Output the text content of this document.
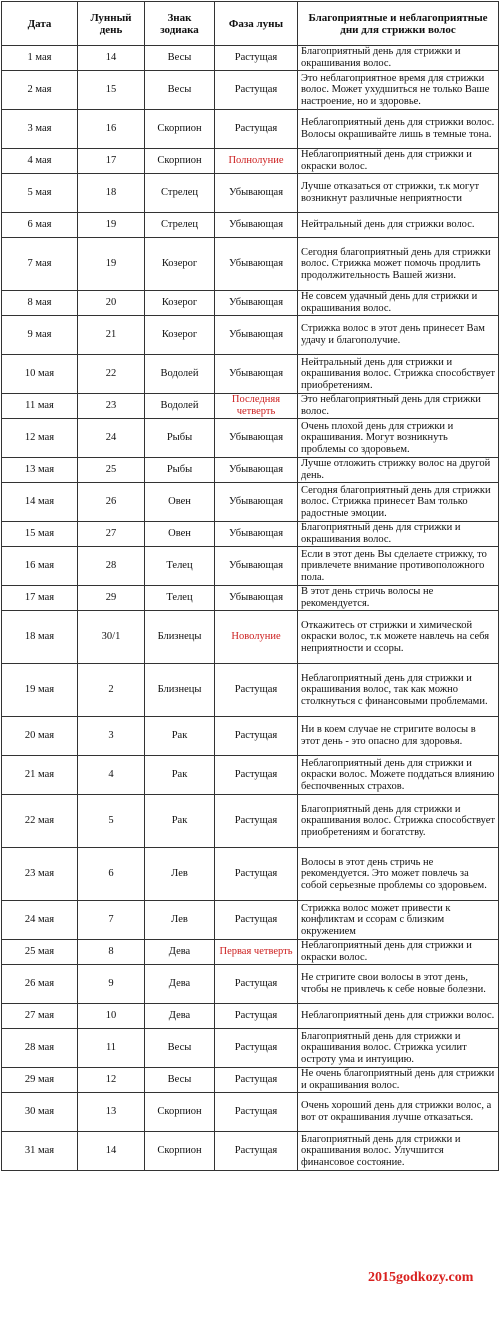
Дата	Лунный день	Знак зодиака	Фаза луны	Благоприятные и неблагоприятные дни для стрижки волос
1 мая	14	Весы	Растущая	Благоприятный день для стрижки и окрашивания волос.
2 мая	15	Весы	Растущая	Это неблагоприятное время для стрижки волос. Может ухудшиться не только Ваше настроение, но и здоровье.
3 мая	16	Скорпион	Растущая	Неблагоприятный день для стрижки волос. Волосы окрашивайте лишь в темные тона.
4 мая	17	Скорпион	Полнолуние	Неблагоприятный день для стрижки и окраски волос.
5 мая	18	Стрелец	Убывающая	Лучше отказаться от стрижки, т.к могут возникнут различные неприятности
6 мая	19	Стрелец	Убывающая	Нейтральный день для стрижки волос.
7 мая	19	Козерог	Убывающая	Сегодня благоприятный день для стрижки волос. Стрижка может помочь продлить продолжительность Вашей жизни.
8 мая	20	Козерог	Убывающая	Не совсем удачный день для стрижки и окрашивания волос.
9 мая	21	Козерог	Убывающая	Стрижка волос в этот день принесет Вам удачу и благополучие.
10 мая	22	Водолей	Убывающая	Нейтральный день для стрижки и окрашивания волос. Стрижка способствует приобретениям.
11 мая	23	Водолей	Последняя четверть	Это неблагоприятный день для стрижки волос.
12 мая	24	Рыбы	Убывающая	Очень плохой день для стрижки и окрашивания. Могут возникнуть проблемы со здоровьем.
13 мая	25	Рыбы	Убывающая	Лучше отложить стрижку волос на другой день.
14 мая	26	Овен	Убывающая	Сегодня благоприятный день для стрижки волос. Стрижка принесет Вам только радостные эмоции.
15 мая	27	Овен	Убывающая	Благоприятный день для стрижки и окрашивания волос.
16 мая	28	Телец	Убывающая	Если в этот день Вы сделаете стрижку, то привлечете внимание противоположного пола.
17 мая	29	Телец	Убывающая	В этот день стричь волосы не рекомендуется.
18 мая	30/1	Близнецы	Новолуние	Откажитесь от стрижки и химической окраски волос, т.к можете навлечь на себя неприятности и ссоры.
19 мая	2	Близнецы	Растущая	Неблагоприятный день для стрижки и окрашивания волос, так как можно столкнуться с финансовыми проблемами.
20 мая	3	Рак	Растущая	Ни в коем случае не стригите волосы в этот день - это опасно для здоровья.
21 мая	4	Рак	Растущая	Неблагоприятный день для стрижки и окраски волос. Можете поддаться влиянию беспочвенных страхов.
22 мая	5	Рак	Растущая	Благоприятный день для стрижки и окрашивания волос. Стрижка способствует приобретениям и богатству.
23 мая	6	Лев	Растущая	Волосы в этот день стричь не рекомендуется. Это может повлечь за собой серьезные проблемы со здоровьем.
24 мая	7	Лев	Растущая	Стрижка волос может привести к конфликтам и ссорам с близким окружением
25 мая	8	Дева	Первая четверть	Неблагоприятный день для стрижки и окраски волос.
26 мая	9	Дева	Растущая	Не стригите свои волосы в этот день, чтобы не привлечь к себе новые болезни.
27 мая	10	Дева	Растущая	Неблагоприятный день для стрижки волос.
28 мая	11	Весы	Растущая	Благоприятный день для стрижки и окрашивания волос. Стрижка усилит остроту ума и интуицию.
29 мая	12	Весы	Растущая	Не очень благоприятный день для стрижки и окрашивания волос.
30 мая	13	Скорпион	Растущая	Очень хороший день для стрижки волос, а вот от окрашивания лучше отказаться.
31 мая	14	Скорпион	Растущая	Благоприятный день для стрижки и окрашивания волос. Улучшится финансовое состояние.
2015godkozy.com
